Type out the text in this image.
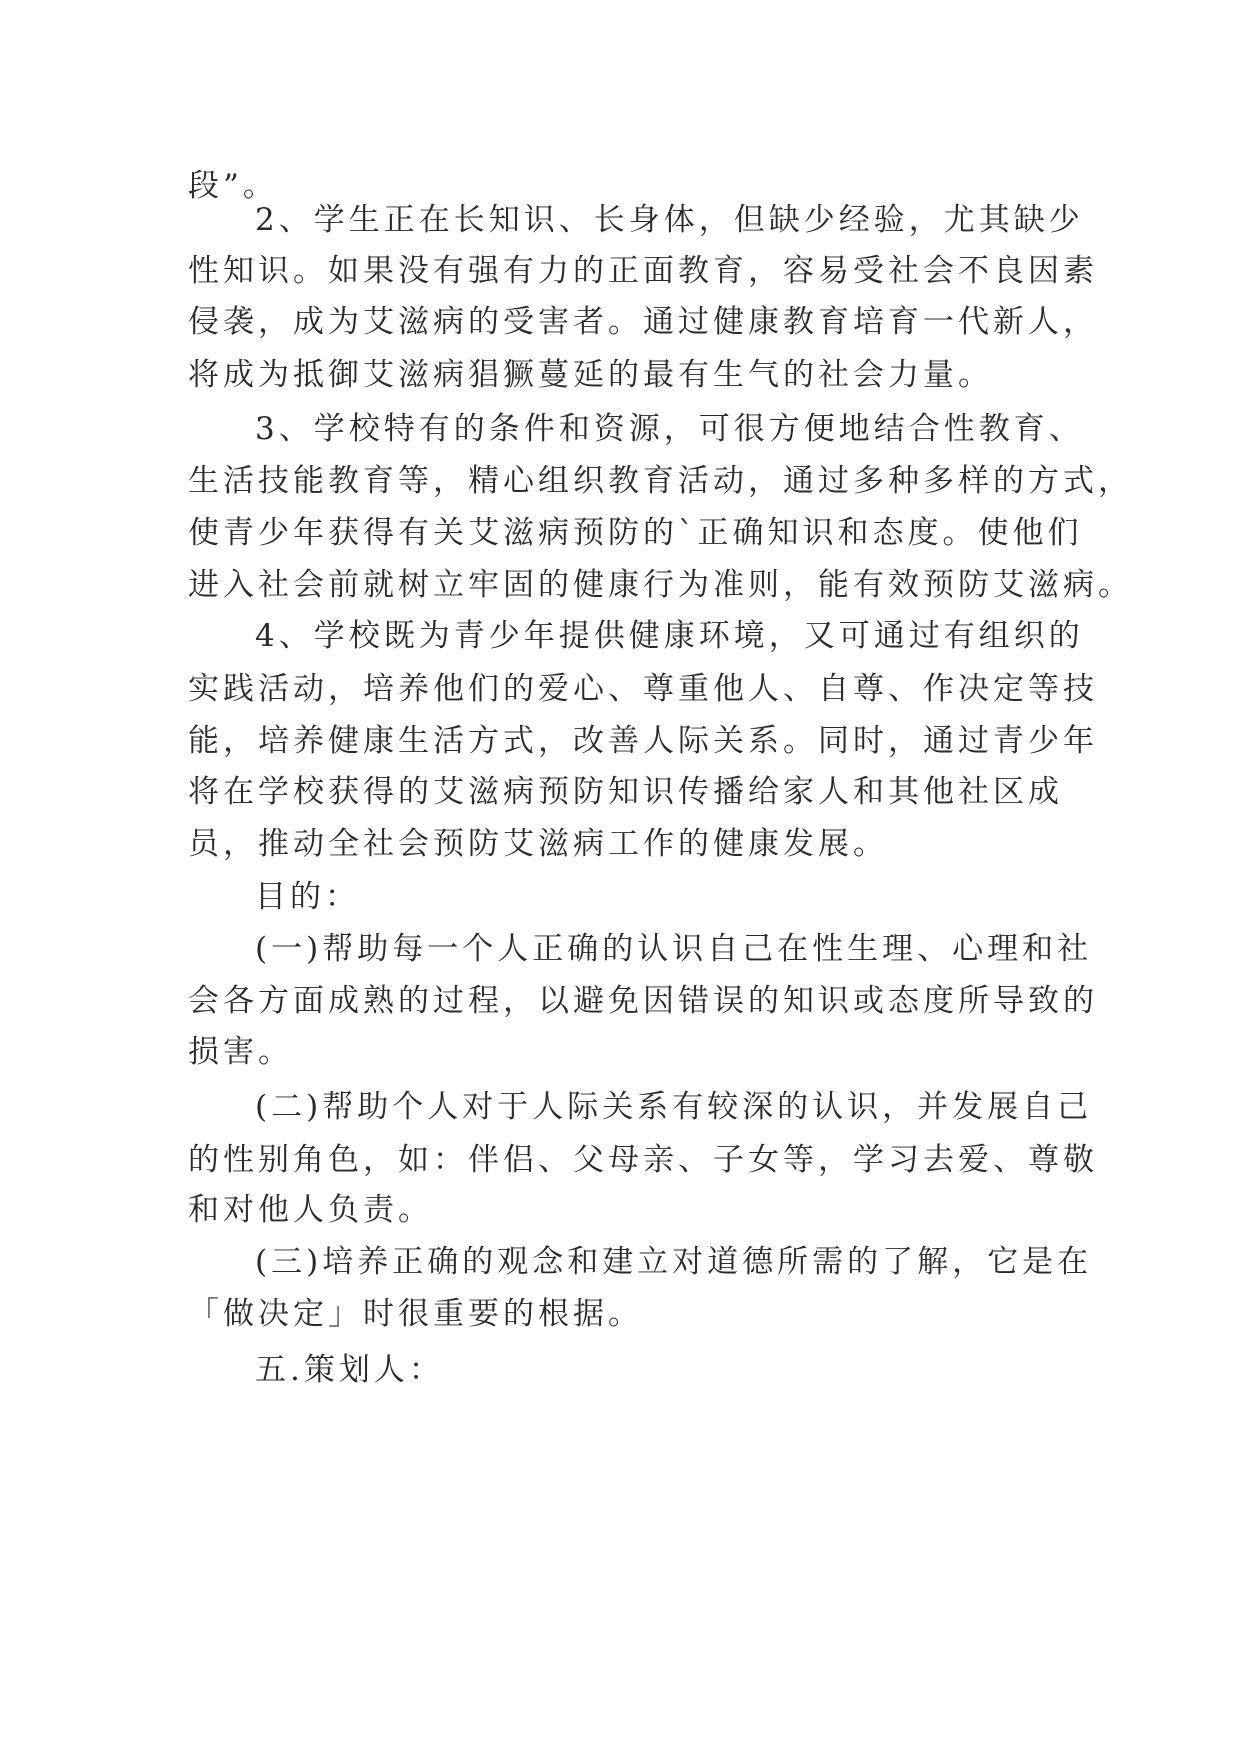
段”。
2、学生正在长知识、长身体，但缺少经验，尤其缺少
性知识。如果没有强有力的正面教育，容易受社会不良因素
侵袭，成为艾滋病的受害者。通过健康教育培育一代新人，
将成为抵御艾滋病猖獗蔓延的最有生气的社会力量。
3、学校特有的条件和资源，可很方便地结合性教育、
生活技能教育等，精心组织教育活动，通过多种多样的方式，
使青少年获得有关艾滋病预防的`正确知识和态度。使他们
进入社会前就树立牢固的健康行为准则，能有效预防艾滋病。
4、学校既为青少年提供健康环境，又可通过有组织的
实践活动，培养他们的爱心、尊重他人、自尊、作决定等技
能，培养健康生活方式，改善人际关系。同时，通过青少年
将在学校获得的艾滋病预防知识传播给家人和其他社区成
员，推动全社会预防艾滋病工作的健康发展。
目的：
(一)帮助每一个人正确的认识自己在性生理、心理和社
会各方面成熟的过程，以避免因错误的知识或态度所导致的
损害。
(二)帮助个人对于人际关系有较深的认识，并发展自己
的性别角色，如：伴侣、父母亲、子女等，学习去爱、尊敬
和对他人负责。
(三)培养正确的观念和建立对道德所需的了解，它是在
「做决定」时很重要的根据。
五.策划人：
